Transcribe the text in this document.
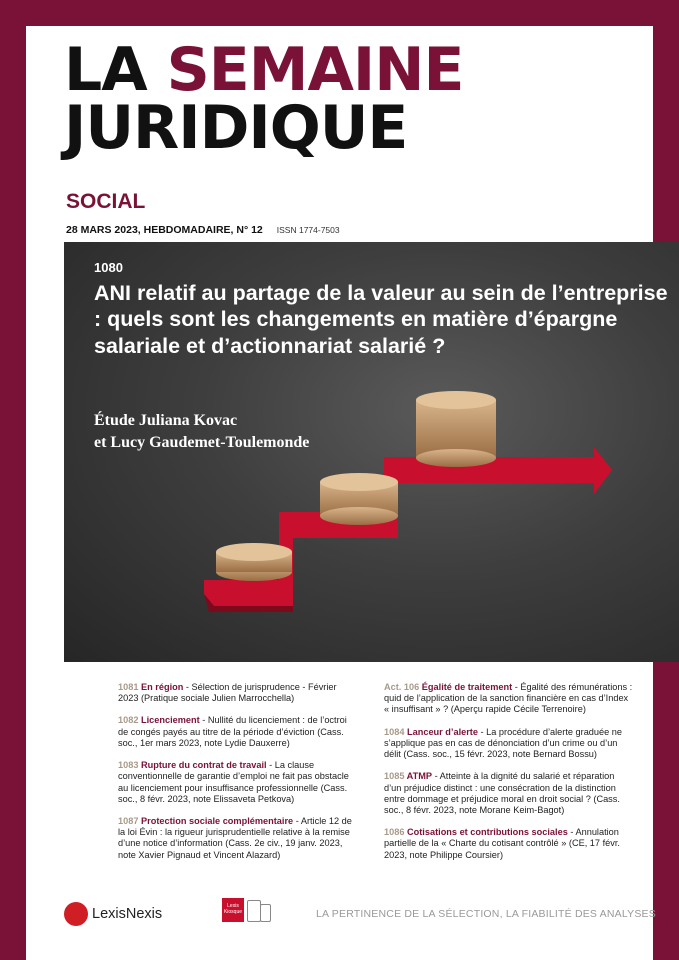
LA SEMAINE
JURIDIQUE
SOCIAL
28 MARS 2023, HEBDOMADAIRE, N° 12 ISSN 1774-7503
1080
ANI relatif au partage de la valeur au sein de l’entreprise : quels sont les changements en matière d’épargne salariale et d’actionnariat salarié ?
Étude Juliana Kovac
et Lucy Gaudemet-Toulemonde
1081 En région - Sélection de jurisprudence - Février 2023 (Pratique sociale Julien Marrocchella)
1082 Licenciement - Nullité du licenciement : de l’octroi de congés payés au titre de la période d’éviction (Cass. soc., 1er mars 2023, note Lydie Dauxerre)
1083 Rupture du contrat de travail - La clause conventionnelle de garantie d’emploi ne fait pas obstacle au licenciement pour insuffisance professionnelle (Cass. soc., 8 févr. 2023, note Elissaveta Petkova)
1087 Protection sociale complémentaire - Article 12 de la loi Évin : la rigueur jurisprudentielle relative à la remise d’une notice d’information (Cass. 2e civ., 19 janv. 2023, note Xavier Pignaud et Vincent Alazard)
Act. 106 Égalité de traitement - Égalité des rémunérations : quid de l’application de la sanction financière en cas d’Index « insuffisant » ? (Aperçu rapide Cécile Terrenoire)
1084 Lanceur d’alerte - La procédure d’alerte graduée ne s’applique pas en cas de dénonciation d’un crime ou d’un délit (Cass. soc., 15 févr. 2023, note Bernard Bossu)
1085 ATMP - Atteinte à la dignité du salarié et réparation d’un préjudice distinct : une consécration de la distinction entre dommage et préjudice moral en droit social ? (Cass. soc., 8 févr. 2023, note Morane Keim-Bagot)
1086 Cotisations et contributions sociales - Annulation partielle de la « Charte du cotisant contrôlé » (CE, 17 févr. 2023, note Philippe Coursier)
LexisNexis	Lexis Kiosque	LA PERTINENCE DE LA SÉLECTION, LA FIABILITÉ DES ANALYSES
